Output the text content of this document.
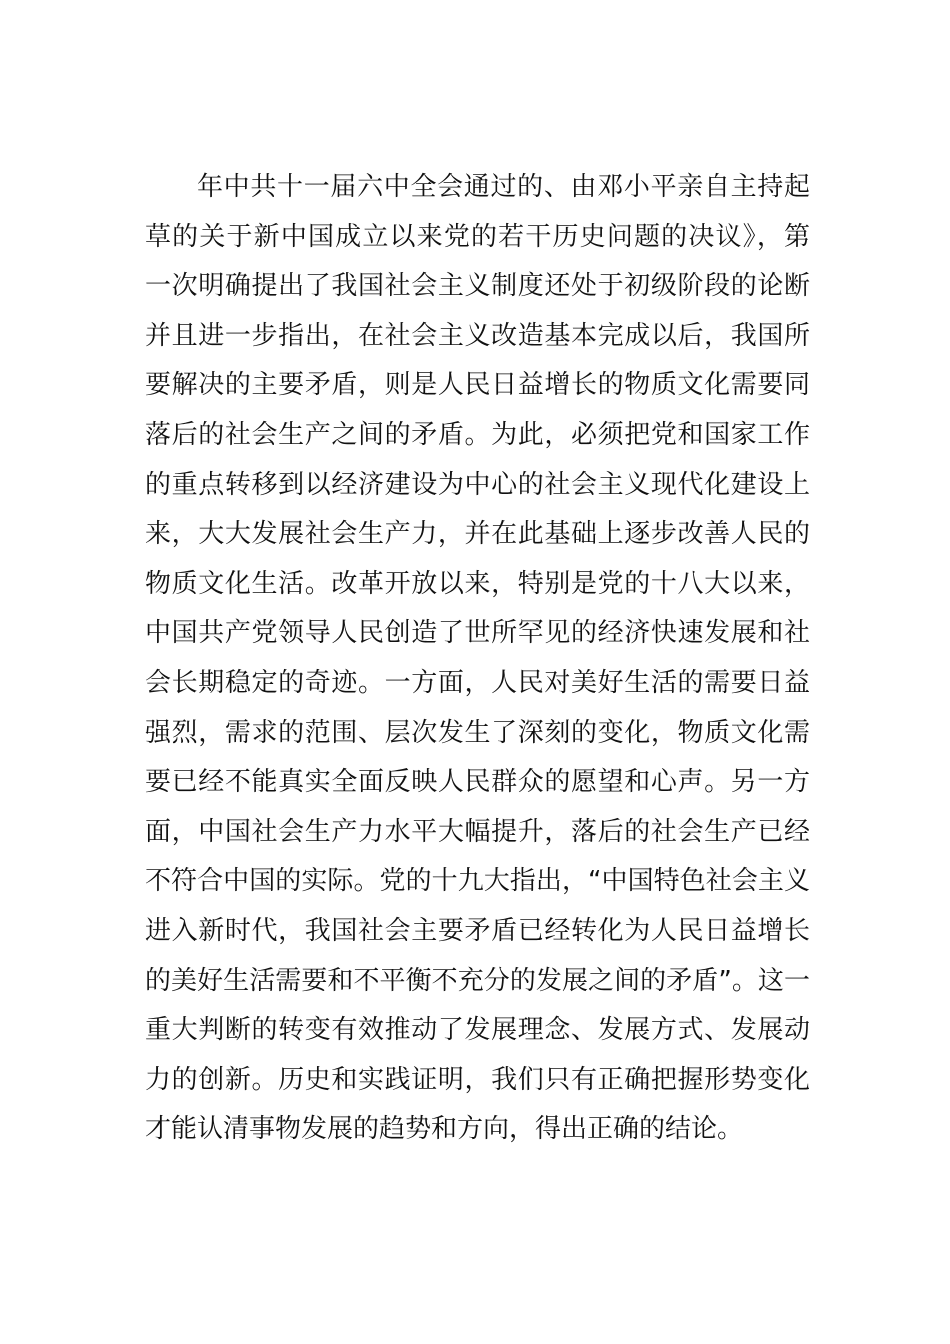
年中共十一届六中全会通过的、由邓小平亲自主持起
草的关于新中国成立以来党的若干历史问题的决议》，第
一次明确提出了我国社会主义制度还处于初级阶段的论断
并且进一步指出，在社会主义改造基本完成以后，我国所
要解决的主要矛盾，则是人民日益增长的物质文化需要同
落后的社会生产之间的矛盾。为此，必须把党和国家工作
的重点转移到以经济建设为中心的社会主义现代化建设上
来，大大发展社会生产力，并在此基础上逐步改善人民的
物质文化生活。改革开放以来，特别是党的十八大以来，
中国共产党领导人民创造了世所罕见的经济快速发展和社
会长期稳定的奇迹。一方面，人民对美好生活的需要日益
强烈，需求的范围、层次发生了深刻的变化，物质文化需
要已经不能真实全面反映人民群众的愿望和心声。另一方
面，中国社会生产力水平大幅提升，落后的社会生产已经
不符合中国的实际。党的十九大指出，“中国特色社会主义
进入新时代，我国社会主要矛盾已经转化为人民日益增长
的美好生活需要和不平衡不充分的发展之间的矛盾”。这一
重大判断的转变有效推动了发展理念、发展方式、发展动
力的创新。历史和实践证明，我们只有正确把握形势变化
才能认清事物发展的趋势和方向，得出正确的结论。
